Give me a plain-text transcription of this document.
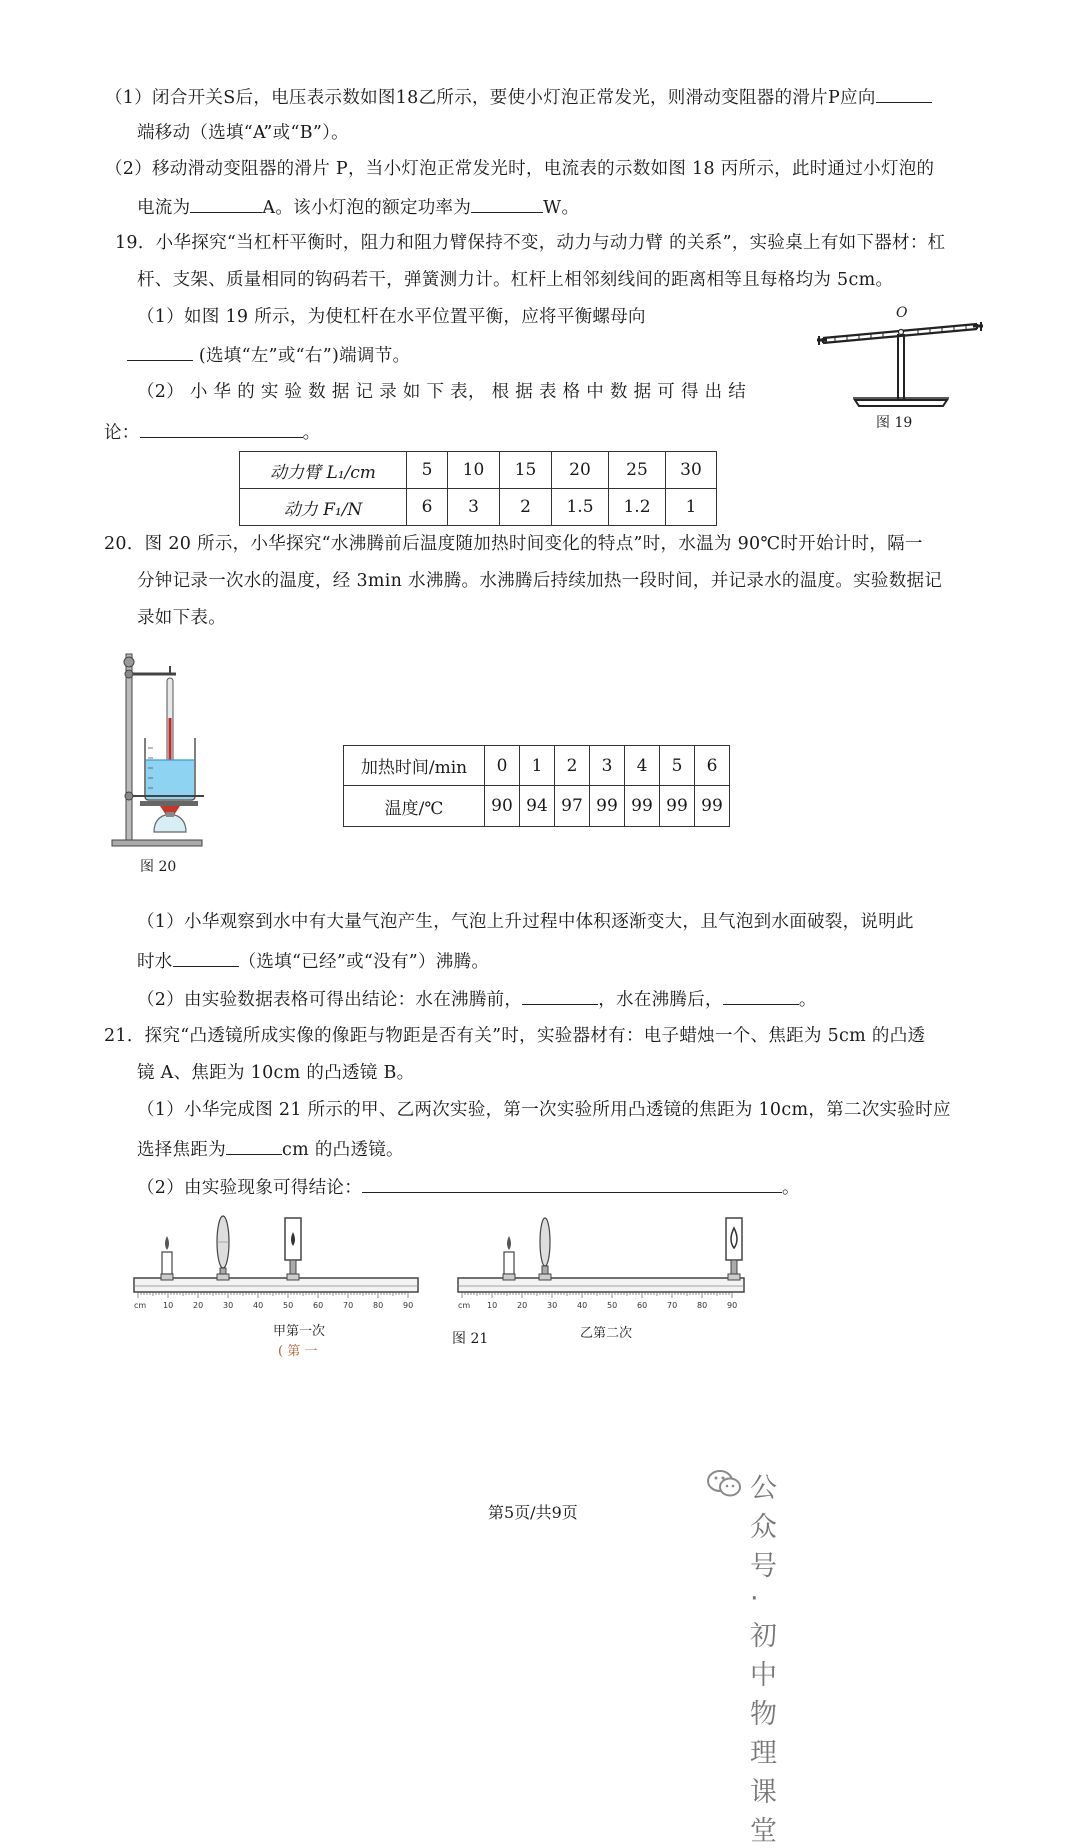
（1）闭合开关S后，电压表示数如图18乙所示，要使小灯泡正常发光，则滑动变阻器的滑片P应向
端移动（选填“A”或“B”）。
（2）移动滑动变阻器的滑片 P，当小灯泡正常发光时，电流表的示数如图 18 丙所示，此时通过小灯泡的
电流为	A。该小灯泡的额定功率为	W。
19．小华探究“当杠杆平衡时，阻力和阻力臂保持不变，动力与动力臂 的关系”，实验桌上有如下器材：杠
杆、支架、质量相同的钩码若干，弹簧测力计。杠杆上相邻刻线间的距离相等且每格均为 5cm。
（1）如图 19 所示，为使杠杆在水平位置平衡，应将平衡螺母向
(选填“左”或“右”)端调节。
（2） 小 华 的 实 验 数 据 记 录 如 下 表， 根 据 表 格 中 数 据 可 得 出 结
论：	。
O
图 19
动力臂 L₁/cm	5	10	15	20	25	30
动力 F₁/N	6	3	2	1.5	1.2	1
20．图 20 所示，小华探究“水沸腾前后温度随加热时间变化的特点”时，水温为 90℃时开始计时，隔一
分钟记录一次水的温度，经 3min 水沸腾。水沸腾后持续加热一段时间，并记录水的温度。实验数据记
录如下表。
图 20
加热时间/min	0	1	2	3	4	5	6
温度/℃	90	94	97	99	99	99	99
（1）小华观察到水中有大量气泡产生，气泡上升过程中体积逐渐变大，且气泡到水面破裂，说明此
时水	（选填“已经”或“没有”）沸腾。
（2）由实验数据表格可得出结论：水在沸腾前，	，水在沸腾后，	。
21．探究“凸透镜所成实像的像距与物距是否有关”时，实验器材有：电子蜡烛一个、焦距为 5cm 的凸透
镜 A、焦距为 10cm 的凸透镜 B。
（1）小华完成图 21 所示的甲、乙两次实验，第一次实验所用凸透镜的焦距为 10cm，第二次实验时应
选择焦距为	cm 的凸透镜。
（2）由实验现象可得结论：	。
cm 10 20 30 40 50 60 70 80 90
甲第一次
( 第 一
cm 10 20 30 40 50 60 70 80 90
图 21	乙第二次
公众号 · 初中物理课堂
第5页/共9页
